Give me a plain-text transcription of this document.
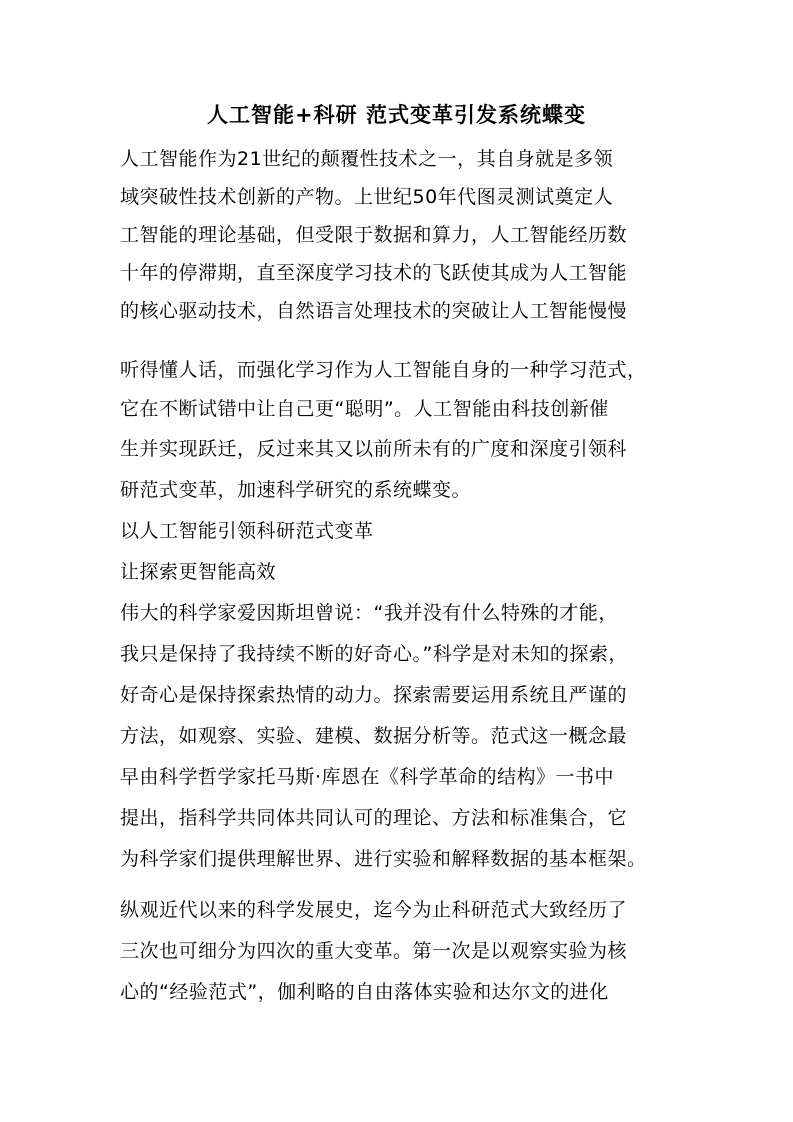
人工智能+科研 范式变革引发系统蝶变
人工智能作为21世纪的颠覆性技术之一，其自身就是多领
域突破性技术创新的产物。上世纪50年代图灵测试奠定人
工智能的理论基础，但受限于数据和算力，人工智能经历数
十年的停滞期，直至深度学习技术的飞跃使其成为人工智能
的核心驱动技术，自然语言处理技术的突破让人工智能慢慢
听得懂人话，而强化学习作为人工智能自身的一种学习范式，
它在不断试错中让自己更“聪明”。人工智能由科技创新催
生并实现跃迁，反过来其又以前所未有的广度和深度引领科
研范式变革，加速科学研究的系统蝶变。
以人工智能引领科研范式变革
让探索更智能高效
伟大的科学家爱因斯坦曾说：“我并没有什么特殊的才能，
我只是保持了我持续不断的好奇心。”科学是对未知的探索，
好奇心是保持探索热情的动力。探索需要运用系统且严谨的
方法，如观察、实验、建模、数据分析等。范式这一概念最
早由科学哲学家托马斯·库恩在《科学革命的结构》一书中
提出，指科学共同体共同认可的理论、方法和标准集合，它
为科学家们提供理解世界、进行实验和解释数据的基本框架。
纵观近代以来的科学发展史，迄今为止科研范式大致经历了
三次也可细分为四次的重大变革。第一次是以观察实验为核
心的“经验范式”，伽利略的自由落体实验和达尔文的进化
